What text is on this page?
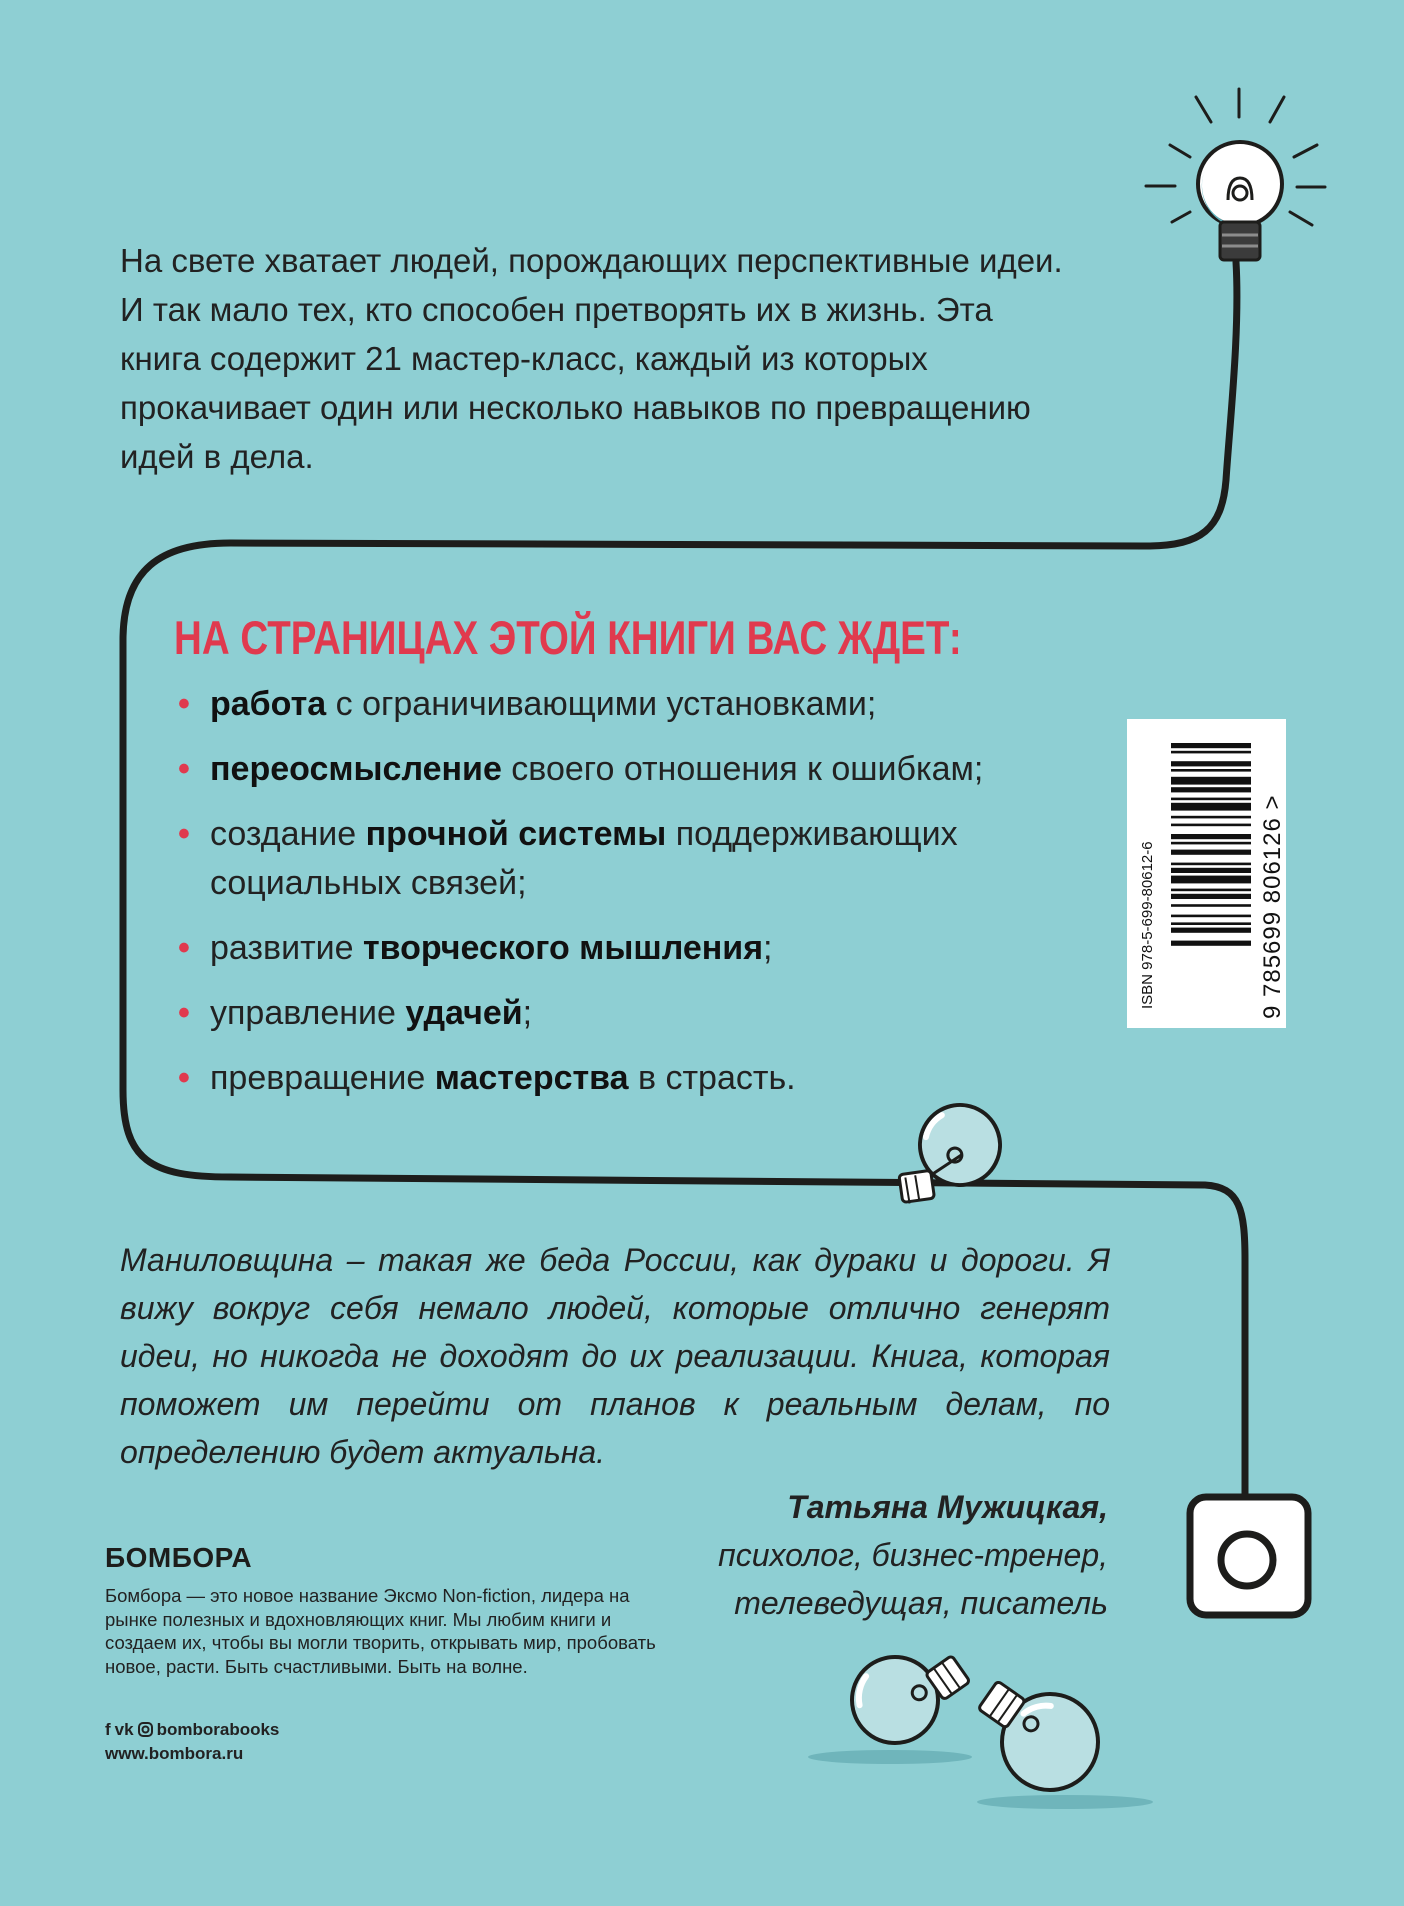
На свете хватает людей, порождающих перспективные идеи. И так мало тех, кто способен претворять их в жизнь. Эта книга содержит 21 мастер-класс, каждый из которых прокачивает один или несколько навыков по превращению идей в дела.

НА СТРАНИЦАХ ЭТОЙ КНИГИ ВАС ЖДЕТ:
• работа с ограничивающими установками;
• переосмысление своего отношения к ошибкам;
• создание прочной системы поддерживающих социальных связей;
• развитие творческого мышления;
• управление удачей;
• превращение мастерства в страсть.
ISBN 978-5-699-80612-6	9 785699 806126 >

Маниловщина – такая же беда России, как дураки и дороги. Я вижу вокруг себя немало людей, которые отлично генерят идеи, но никогда не доходят до их реализации. Книга, которая поможет им перейти от планов к реальным делам, по определению будет актуальна.

Татьяна Мужицкая,
психолог, бизнес-тренер,
телеведущая, писатель
БОМБОРА
Бомбора — это новое название Эксмо Non-fiction, лидера на рынке полезных и вдохновляющих книг. Мы любим книги и создаем их, чтобы вы могли творить, открывать мир, пробовать новое, расти. Быть счастливыми. Быть на волне.
f vk bomborabooks
www.bombora.ru
